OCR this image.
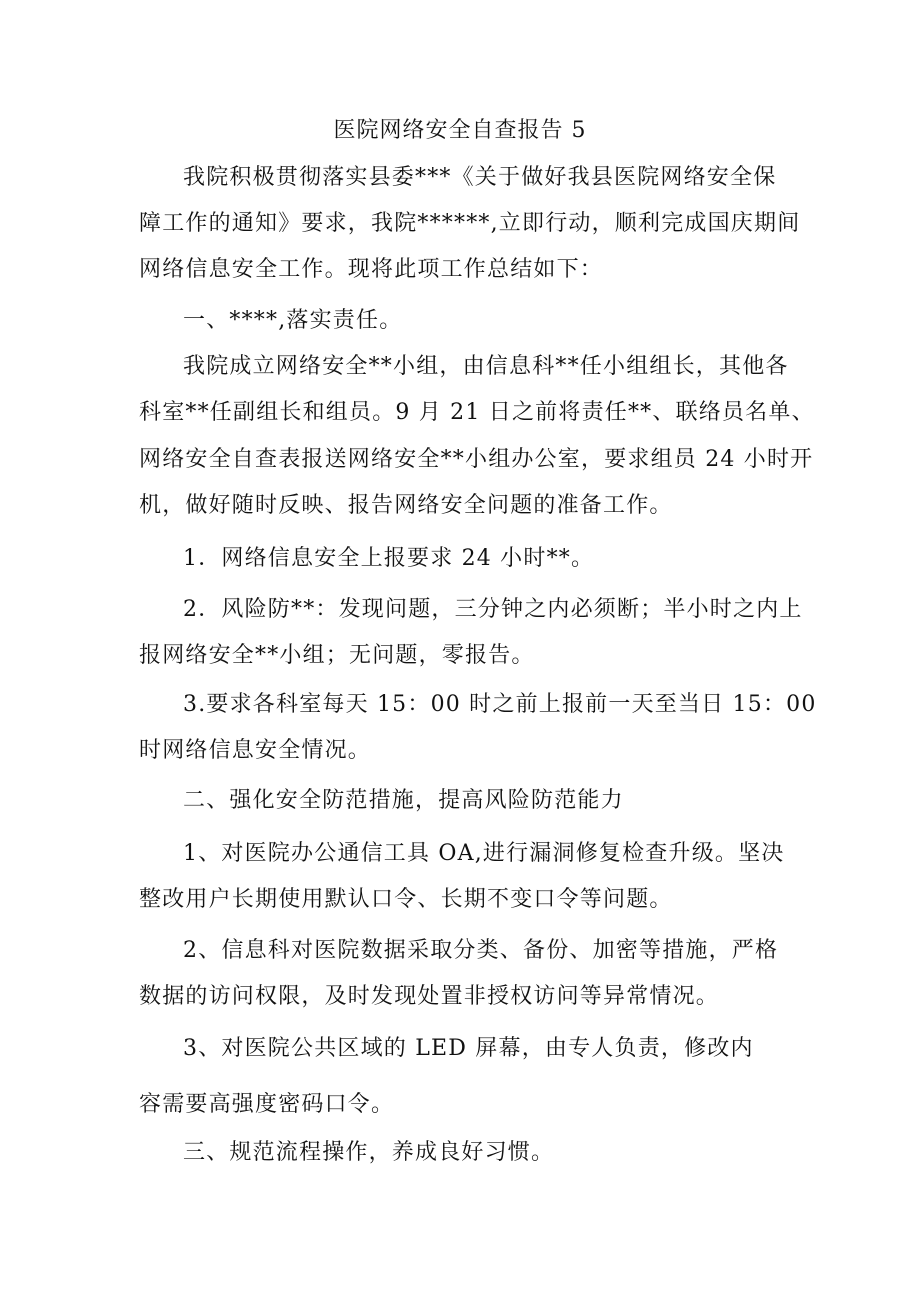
医院网络安全自查报告 5
我院积极贯彻落实县委***《关于做好我县医院网络安全保
障工作的通知》要求，我院******,立即行动，顺利完成国庆期间
网络信息安全工作。现将此项工作总结如下：
一、****,落实责任。
我院成立网络安全**小组，由信息科**任小组组长，其他各
科室**任副组长和组员。9 月 21 日之前将责任**、联络员名单、
网络安全自查表报送网络安全**小组办公室，要求组员 24 小时开
机，做好随时反映、报告网络安全问题的准备工作。
1．网络信息安全上报要求 24 小时**。
2．风险防**：发现问题，三分钟之内必须断；半小时之内上
报网络安全**小组；无问题，零报告。
3.要求各科室每天 15：00 时之前上报前一天至当日 15：00
时网络信息安全情况。
二、强化安全防范措施，提高风险防范能力
1、对医院办公通信工具 OA,进行漏洞修复检查升级。坚决
整改用户长期使用默认口令、长期不变口令等问题。
2、信息科对医院数据采取分类、备份、加密等措施，严格
数据的访问权限，及时发现处置非授权访问等异常情况。
3、对医院公共区域的 LED 屏幕，由专人负责，修改内
容需要高强度密码口令。
三、规范流程操作，养成良好习惯。
